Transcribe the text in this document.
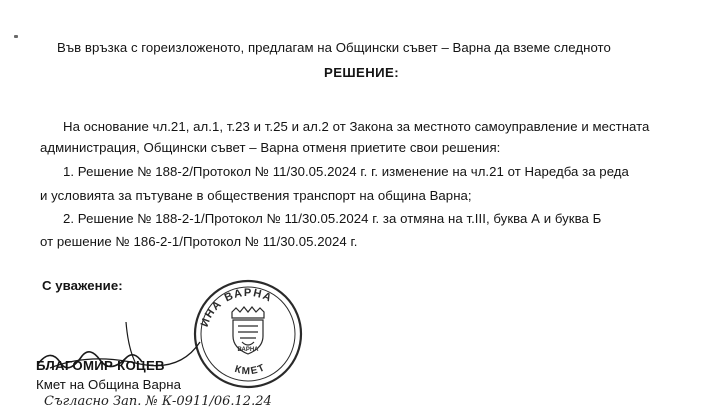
Във връзка с гореизложеното, предлагам на Общински съвет – Варна да вземе следното
РЕШЕНИЕ:
На основание чл.21, ал.1, т.23 и т.25 и ал.2 от Закона за местното самоуправление и местната
администрация, Общински съвет – Варна отменя приетите свои решения:
1. Решение № 188-2/Протокол № 11/30.05.2024 г. г. изменение на чл.21 от Наредба за реда
и условията за пътуване в обществения транспорт на община Варна;
2. Решение № 188-2-1/Протокол № 11/30.05.2024 г. за отмяна на т.III, буква А и буква Б
от решение № 186-2-1/Протокол № 11/30.05.2024 г.
С уважение:
ИНА ВАРНА
КМЕТ
ВАРНА
БЛАГОМИР КОЦЕВ
Кмет на Община Варна
Съгласно Зап. № К-0911/06.12.24
